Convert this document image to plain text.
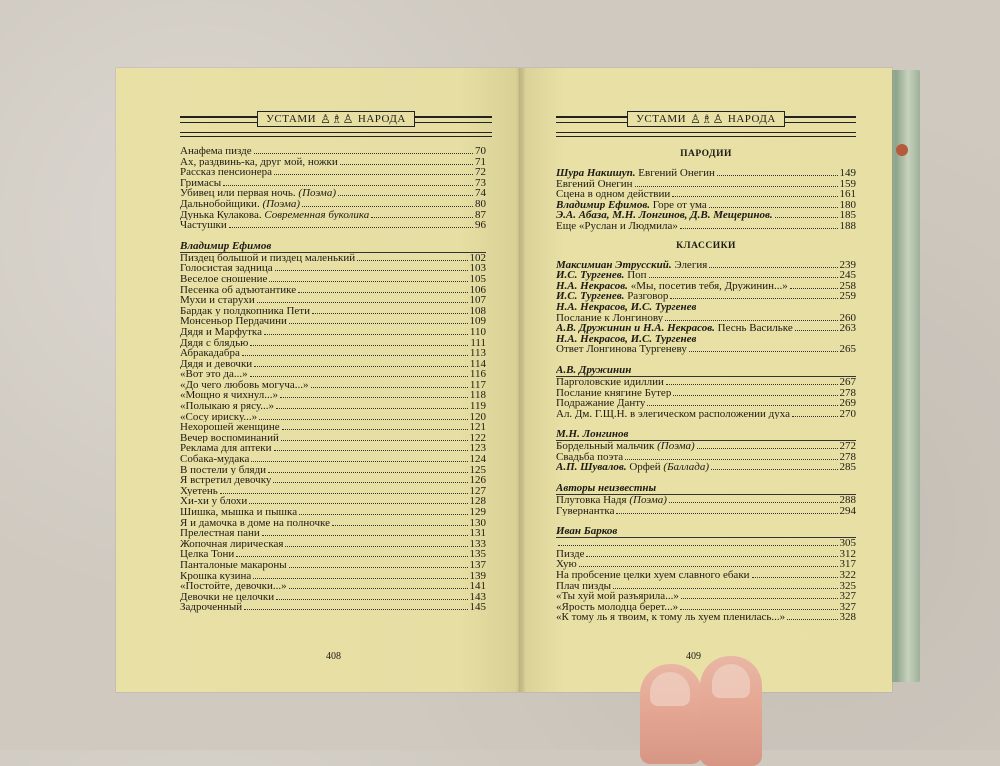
УСТАМИ ♙♗♙ НАРОДА
Анафема пизде	70
Ах, раздвинь-ка, друг мой, ножки	71
Рассказ пенсионера	72
Гримасы	73
Убивец или первая ночь. (Поэма)	74
Дальнобойщики. (Поэма)	80
Дунька Кулакова. Современная буколика	87
Частушки	96
Владимир Ефимов
Пиздец большой и пиздец маленький	102
Голосистая задница	103
Веселое сношение	105
Песенка об адъютантике	106
Мухи и старухи	107
Бардак у полдкопника Пети	108
Монсеньор Пердачини	109
Дядя и Марфутка	110
Дядя с блядью	111
Абракадабра	113
Дядя и девочки	114
«Вот это да...»	116
«До чего любовь могуча...»	117
«Мощно я чихнул...»	118
«Полыкаю я рясу...»	119
«Сосу ириску...»	120
Нехорошей женщине	121
Вечер воспоминаний	122
Реклама для аптеки	123
Собака-мудака	124
В постели у бляди	125
Я встретил девочку	126
Хуетень	127
Хи-хи у блохи	128
Шишка, мышка и пышка	129
Я и дамочка в доме на полночке	130
Прелестная пани	131
Жопочная лирическая	133
Целка Тони	135
Панталоные макароны	137
Крошка кузина	139
«Постойте, девочки...»	141
Девочки не целочки	143
Задроченный	145
408
УСТАМИ ♙♗♙ НАРОДА
ПАРОДИИ
Шура Накишуп. Евгений Онегин	149
Евгений Онегин	159
Сцена в одном действии	161
Владимир Ефимов. Горе от ума	180
Э.А. Абаза, М.Н. Лонгинов, Д.В. Мещеринов.	185
Еще «Руслан и Людмила»	188
КЛАССИКИ
Максимиан Этрусский. Элегия	239
И.С. Тургенев. Поп	245
Н.А. Некрасов. «Мы, посетив тебя, Дружинин...»	258
И.С. Тургенев. Разговор	259
Н.А. Некрасов, И.С. Тургенев
Послание к Лонгинову	260
А.В. Дружинин и Н.А. Некрасов. Песнь Васильке	263
Н.А. Некрасов, И.С. Тургенев
Ответ Лонгинова Тургеневу	265
А.В. Дружинин
Парголовские идиллии	267
Послание княгине Бутер	278
Подражание Данту	269
Ал. Дм. Г.Щ.Н. в элегическом расположении духа	270
М.Н. Лонгинов
Бордельный мальчик (Поэма)	272
Свадьба поэта	278
А.П. Шувалов. Орфей (Баллада)	285
Авторы неизвестны
Плутовка Надя (Поэма)	288
Гувернантка	294
Иван Барков
305
Пизде	312
Хую	317
На пробсение целки хуем славного ебаки	322
Плач пизды	325
«Ты хуй мой разъярила...»	327
«Ярость молодца берет...»	327
«К тому ль я твоим, к тому ль хуем пленилась...»	328
409
